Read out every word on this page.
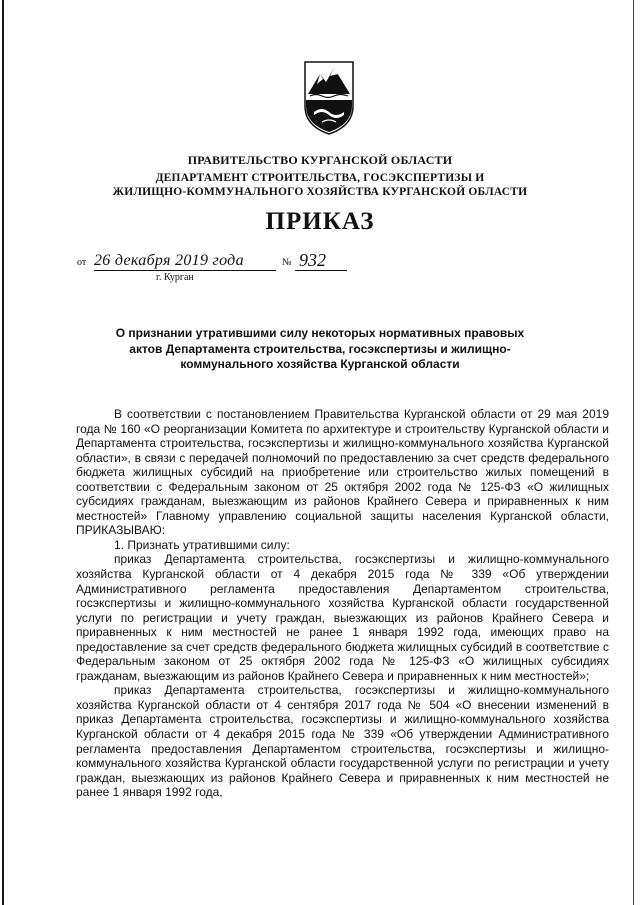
ПРАВИТЕЛЬСТВО КУРГАНСКОЙ ОБЛАСТИ
ДЕПАРТАМЕНТ СТРОИТЕЛЬСТВА, ГОСЭКСПЕРТИЗЫ И
ЖИЛИЩНО-КОММУНАЛЬНОГО ХОЗЯЙСТВА КУРГАНСКОЙ ОБЛАСТИ
ПРИКАЗ
от 26 декабря 2019 года	№ 932
г. Курган
О признании утратившими силу некоторых нормативных правовых актов Департамента строительства, госэкспертизы и жилищно-коммунального хозяйства Курганской области

В соответствии с постановлением Правительства Курганской области от 29 мая 2019 года № 160 «О реорганизации Комитета по архитектуре и строительству Курганской области и Департамента строительства, госэкспертизы и жилищно-коммунального хозяйства Курганской области», в связи с передачей полномочий по предоставлению за счет средств федерального бюджета жилищных субсидий на приобретение или строительство жилых помещений в соответствии с Федеральным законом от 25 октября 2002 года № 125-ФЗ «О жилищных субсидиях гражданам, выезжающим из районов Крайнего Севера и приравненных к ним местностей» Главному управлению социальной защиты населения Курганской области, ПРИКАЗЫВАЮ:

1. Признать утратившими силу:

приказ Департамента строительства, госэкспертизы и жилищно-коммунального хозяйства Курганской области от 4 декабря 2015 года № 339 «Об утверждении Административного регламента предоставления Департаментом строительства, госэкспертизы и жилищно-коммунального хозяйства Курганской области государственной услуги по регистрации и учету граждан, выезжающих из районов Крайнего Севера и приравненных к ним местностей не ранее 1 января 1992 года, имеющих право на предоставление за счет средств федерального бюджета жилищных субсидий в соответствие с Федеральным законом от 25 октября 2002 года № 125-ФЗ «О жилищных субсидиях гражданам, выезжающим из районов Крайнего Севера и приравненных к ним местностей»;

приказ Департамента строительства, госэкспертизы и жилищно-коммунального хозяйства Курганской области от 4 сентября 2017 года № 504 «О внесении изменений в приказ Департамента строительства, госэкспертизы и жилищно-коммунального хозяйства Курганской области от 4 декабря 2015 года № 339 «Об утверждении Административного регламента предоставления Департаментом строительства, госэкспертизы и жилищно-коммунального хозяйства Курганской области государственной услуги по регистрации и учету граждан, выезжающих из районов Крайнего Севера и приравненных к ним местностей не ранее 1 января 1992 года,
